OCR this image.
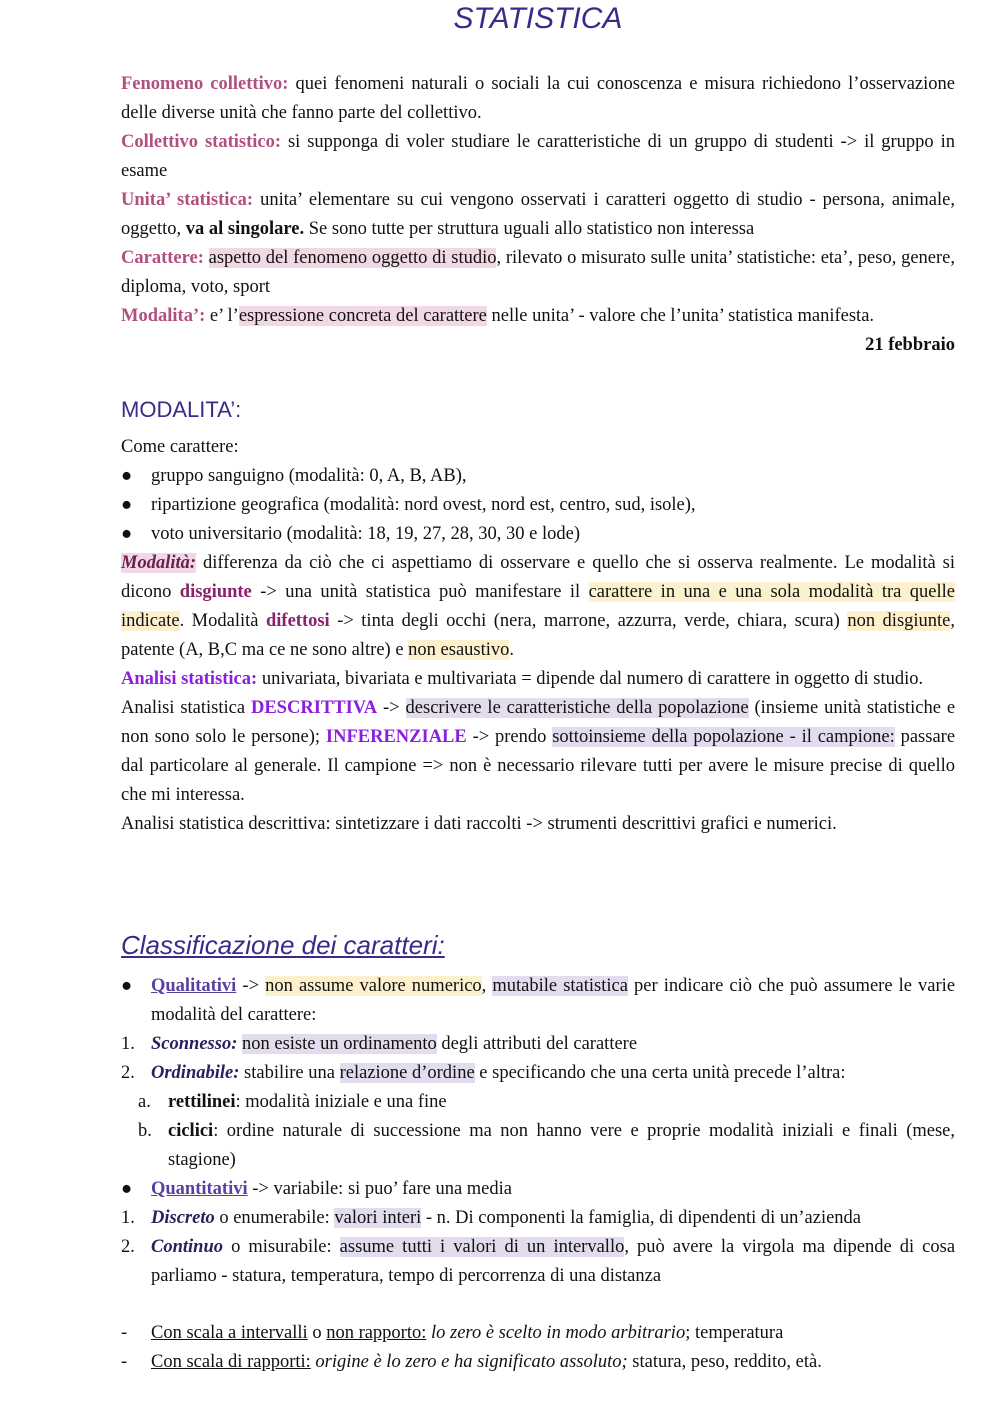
STATISTICA

Fenomeno collettivo: quei fenomeni naturali o sociali la cui conoscenza e misura richiedono l’osservazione delle diverse unità che fanno parte del collettivo.

Collettivo statistico: si supponga di voler studiare le caratteristiche di un gruppo di studenti -> il gruppo in esame

Unita’ statistica: unita’ elementare su cui vengono osservati i caratteri oggetto di studio - persona, animale, oggetto, va al singolare. Se sono tutte per struttura uguali allo statistico non interessa

Carattere: aspetto del fenomeno oggetto di studio, rilevato o misurato sulle unita’ statistiche: eta’, peso, genere, diploma, voto, sport

Modalita’: e’ l’espressione concreta del carattere nelle unita’ - valore che l’unita’ statistica manifesta.

21 febbraio

MODALITA’:

Come carattere:

● gruppo sanguigno (modalità: 0, A, B, AB),
● ripartizione geografica (modalità: nord ovest, nord est, centro, sud, isole),
● voto universitario (modalità: 18, 19, 27, 28, 30, 30 e lode)

Modalità: differenza da ciò che ci aspettiamo di osservare e quello che si osserva realmente. Le modalità si dicono disgiunte -> una unità statistica può manifestare il carattere in una e una sola modalità tra quelle indicate. Modalità difettosi -> tinta degli occhi (nera, marrone, azzurra, verde, chiara, scura) non disgiunte, patente (A, B,C ma ce ne sono altre) e non esaustivo.

Analisi statistica: univariata, bivariata e multivariata = dipende dal numero di carattere in oggetto di studio.

Analisi statistica DESCRITTIVA -> descrivere le caratteristiche della popolazione (insieme unità statistiche e non sono solo le persone); INFERENZIALE -> prendo sottoinsieme della popolazione - il campione: passare dal particolare al generale. Il campione => non è necessario rilevare tutti per avere le misure precise di quello che mi interessa.

Analisi statistica descrittiva: sintetizzare i dati raccolti -> strumenti descrittivi grafici e numerici.

Classificazione dei caratteri:
● Qualitativi -> non assume valore numerico, mutabile statistica per indicare ciò che può assumere le varie modalità del carattere:
1. Sconnesso: non esiste un ordinamento degli attributi del carattere
2. Ordinabile: stabilire una relazione d’ordine e specificando che una certa unità precede l’altra:
a. rettilinei: modalità iniziale e una fine
b. ciclici: ordine naturale di successione ma non hanno vere e proprie modalità iniziali e finali (mese, stagione)
● Quantitativi -> variabile: si puo’ fare una media
1. Discreto o enumerabile: valori interi - n. Di componenti la famiglia, di dipendenti di un’azienda
2. Continuo o misurabile: assume tutti i valori di un intervallo, può avere la virgola ma dipende di cosa parliamo - statura, temperatura, tempo di percorrenza di una distanza
- Con scala a intervalli o non rapporto: lo zero è scelto in modo arbitrario; temperatura
- Con scala di rapporti: origine è lo zero e ha significato assoluto; statura, peso, reddito, età.
